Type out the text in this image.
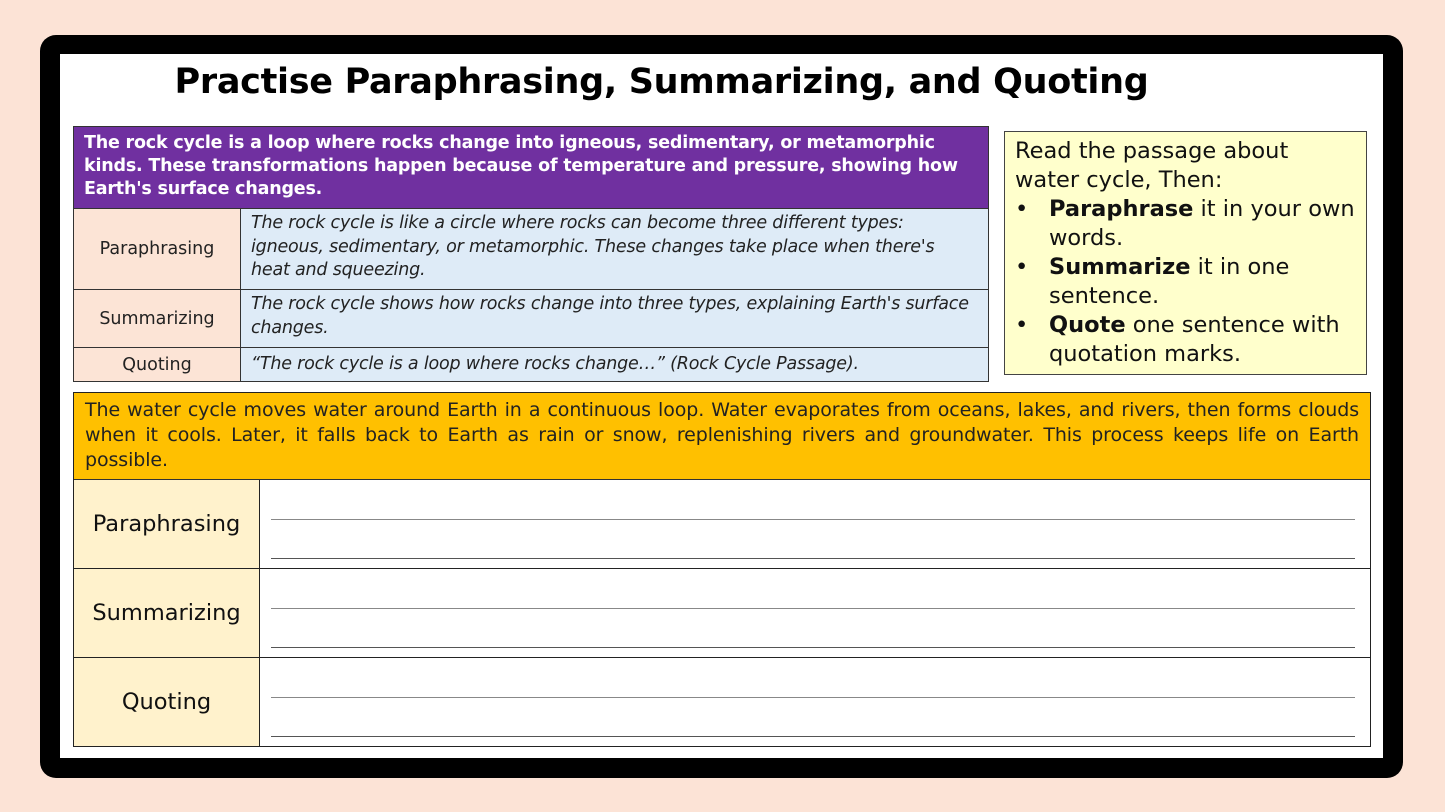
Practise Paraphrasing, Summarizing, and Quoting
The rock cycle is a loop where rocks change into igneous, sedimentary, or metamorphic kinds. These transformations happen because of temperature and pressure, showing how Earth's surface changes.
Paraphrasing
The rock cycle is like a circle where rocks can become three different types: igneous, sedimentary, or metamorphic. These changes take place when there's heat and squeezing.
Summarizing
The rock cycle shows how rocks change into three types, explaining Earth's surface changes.
Quoting	“The rock cycle is a loop where rocks change…” (Rock Cycle Passage).
Read the passage about water cycle, Then:
• Paraphrase it in your own words.
• Summarize it in one sentence.
• Quote one sentence with quotation marks.
The water cycle moves water around Earth in a continuous loop. Water evaporates from oceans, lakes, and rivers, then forms clouds when it cools. Later, it falls back to Earth as rain or snow, replenishing rivers and groundwater. This process keeps life on Earth possible.
Paraphrasing
Summarizing
Quoting
